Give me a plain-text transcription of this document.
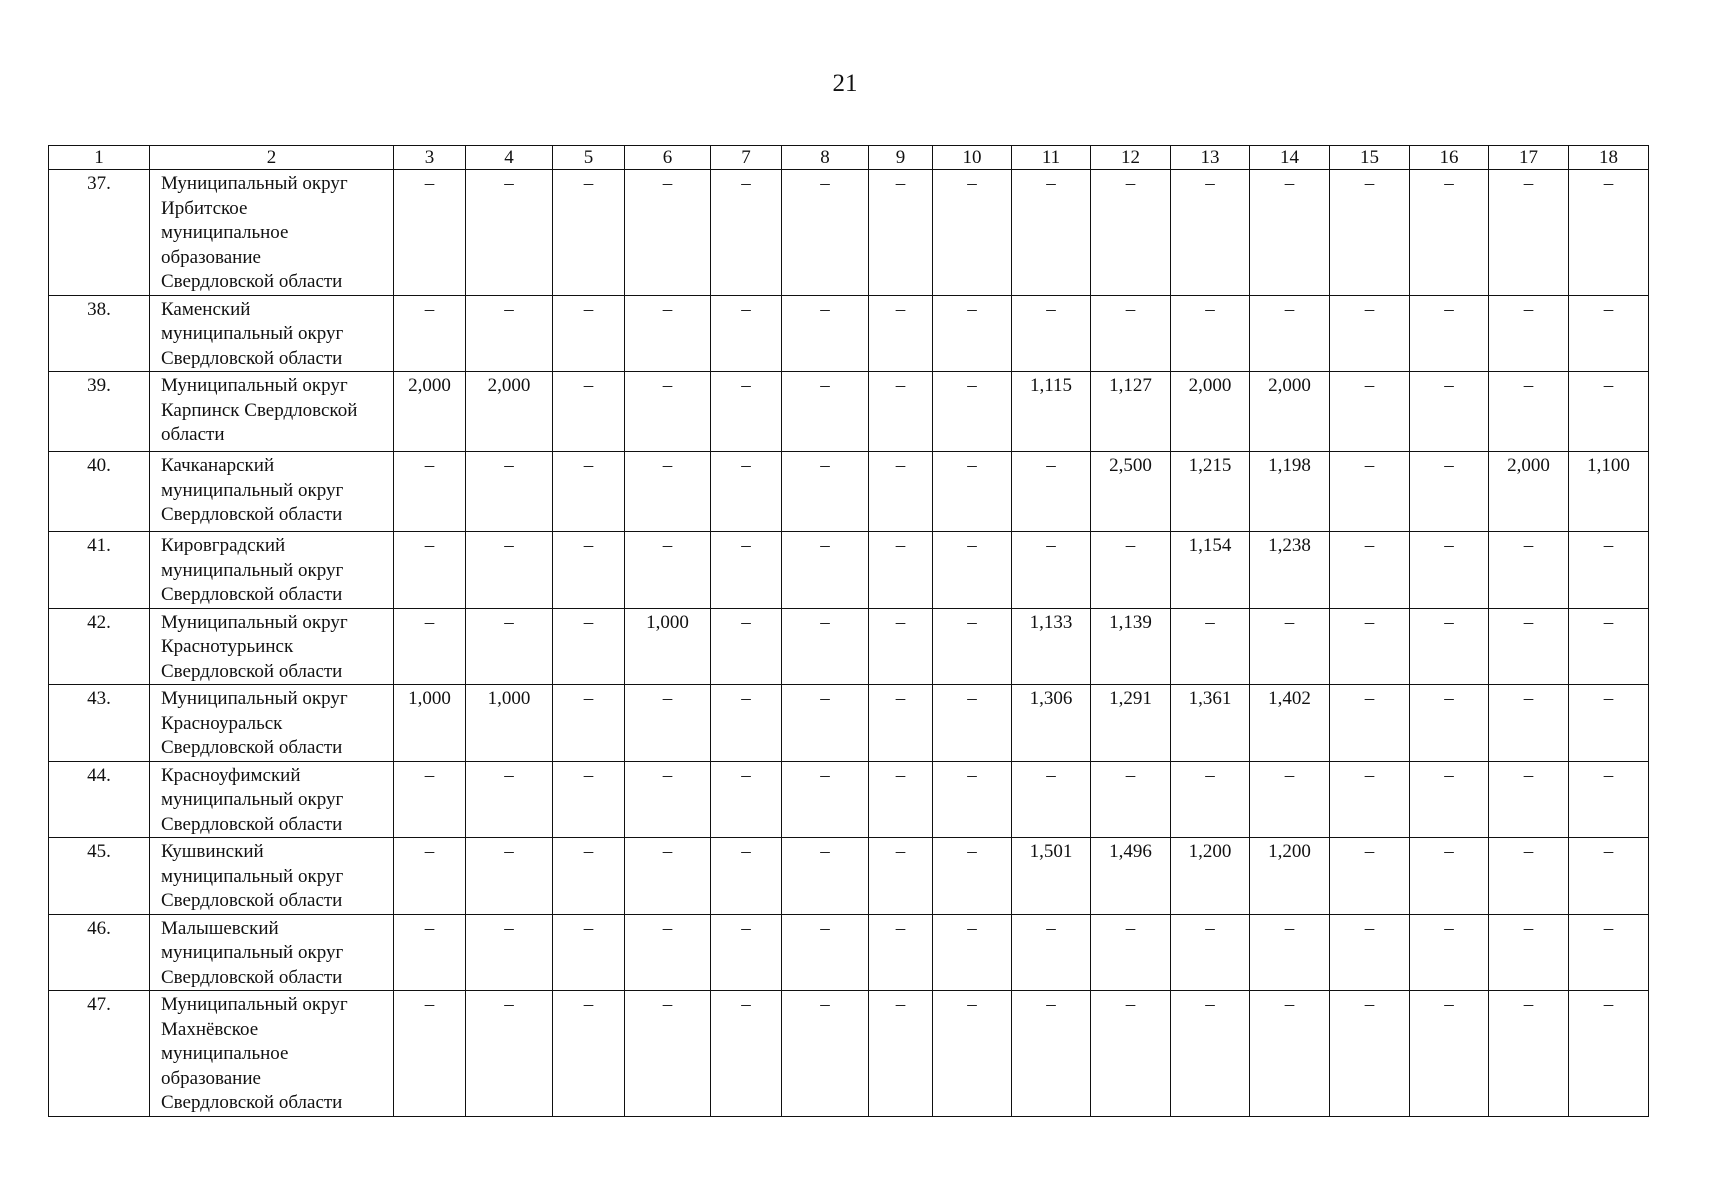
21
1	2	3	4	5	6	7	8	9	10	11	12	13	14	15	16	17	18
37.	Муниципальный округ
Ирбитское
муниципальное
образование
Свердловской области	–	–	–	–	–	–	–	–	–	–	–	–	–	–	–	–
38.	Каменский
муниципальный округ
Свердловской области	–	–	–	–	–	–	–	–	–	–	–	–	–	–	–	–
39.	Муниципальный округ
Карпинск Свердловской
области	2,000	2,000	–	–	–	–	–	–	1,115	1,127	2,000	2,000	–	–	–	–
40.	Качканарский
муниципальный округ
Свердловской области	–	–	–	–	–	–	–	–	–	2,500	1,215	1,198	–	–	2,000	1,100
41.	Кировградский
муниципальный округ
Свердловской области	–	–	–	–	–	–	–	–	–	–	1,154	1,238	–	–	–	–
42.	Муниципальный округ
Краснотурьинск
Свердловской области	–	–	–	1,000	–	–	–	–	1,133	1,139	–	–	–	–	–	–
43.	Муниципальный округ
Красноуральск
Свердловской области	1,000	1,000	–	–	–	–	–	–	1,306	1,291	1,361	1,402	–	–	–	–
44.	Красноуфимский
муниципальный округ
Свердловской области	–	–	–	–	–	–	–	–	–	–	–	–	–	–	–	–
45.	Кушвинский
муниципальный округ
Свердловской области	–	–	–	–	–	–	–	–	1,501	1,496	1,200	1,200	–	–	–	–
46.	Малышевский
муниципальный округ
Свердловской области	–	–	–	–	–	–	–	–	–	–	–	–	–	–	–	–
47.	Муниципальный округ
Махнёвское
муниципальное
образование
Свердловской области	–	–	–	–	–	–	–	–	–	–	–	–	–	–	–	–
